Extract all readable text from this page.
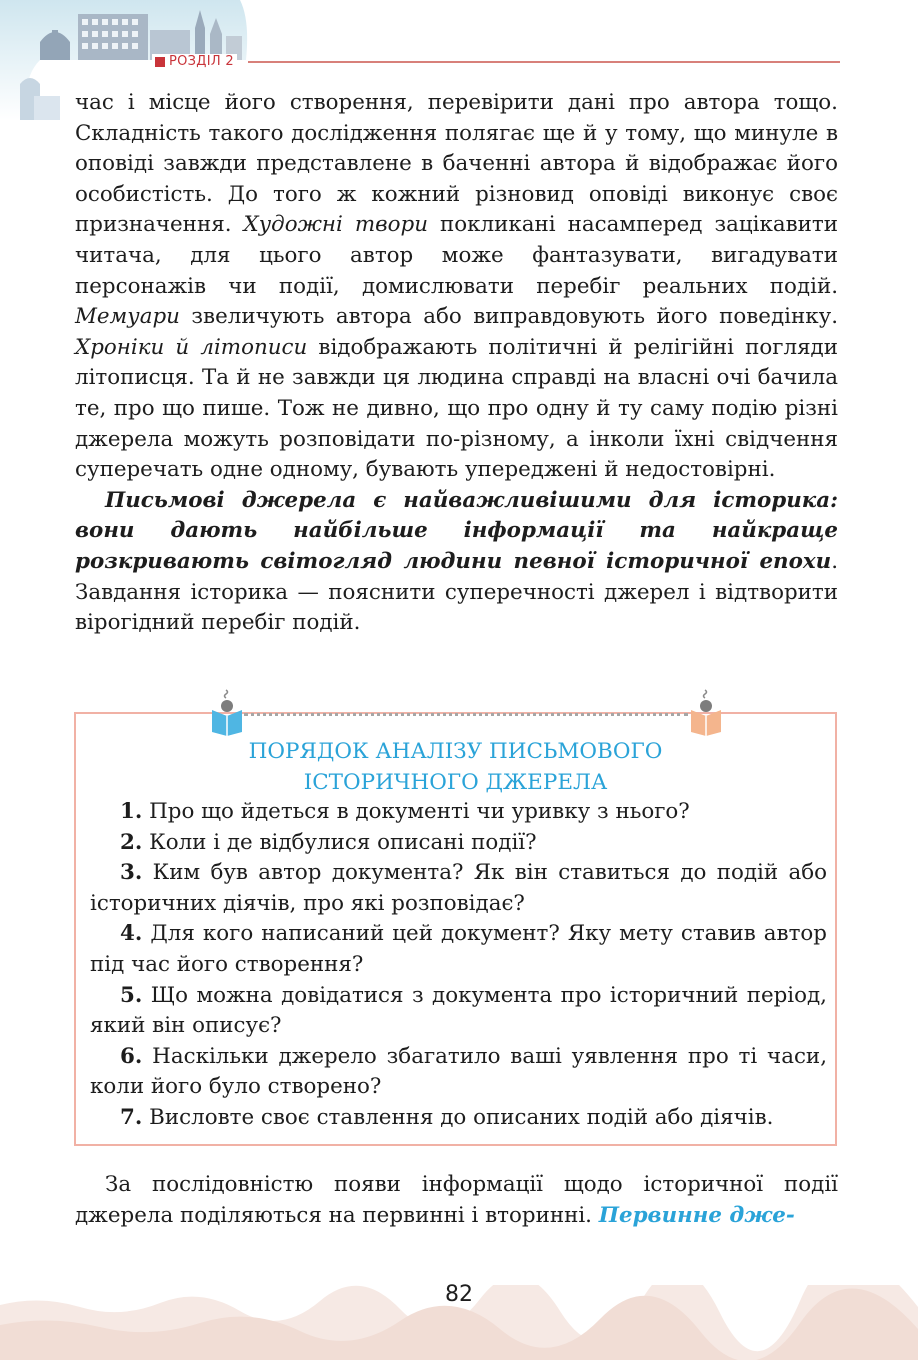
РОЗДІЛ 2

час і місце його створення, перевірити дані про автора тощо. Складність такого дослідження полягає ще й у тому, що минуле в оповіді завжди представлене в баченні автора й відображає його особистість. До того ж кожний різновид оповіді виконує своє призначення. Художні твори покликані насамперед зацікавити читача, для цього автор може фантазувати, вигадувати персонажів чи події, домислювати перебіг реальних подій. Мемуари звеличують автора або виправдовують його поведінку. Хроніки й літописи відображають політичні й релігійні погляди літописця. Та й не завжди ця людина справді на власні очі бачила те, про що пише. Тож не дивно, що про одну й ту саму подію різні джерела можуть розповідати по-різному, а інколи їхні свідчення суперечать одне одному, бувають упереджені й недостовірні.

Письмові джерела є найважливішими для історика: вони дають найбільше інформації та найкраще розкривають світогляд людини певної історичної епохи. Завдання історика — пояснити суперечності джерел і відтворити вірогідний перебіг подій.

ПОРЯДОК АНАЛІЗУ ПИСЬМОВОГО
ІСТОРИЧНОГО ДЖЕРЕЛА

1. Про що йдеться в документі чи уривку з нього?

2. Коли і де відбулися описані події?

3. Ким був автор документа? Як він ставиться до подій або історичних діячів, про які розповідає?

4. Для кого написаний цей документ? Яку мету ставив автор під час його створення?

5. Що можна довідатися з документа про історичний період, який він описує?

6. Наскільки джерело збагатило ваші уявлення про ті часи, коли його було створено?

7. Висловте своє ставлення до описаних подій або діячів.

За послідовністю появи інформації щодо історичної події джерела поділяються на первинні і вторинні. Первинне дже-

82
